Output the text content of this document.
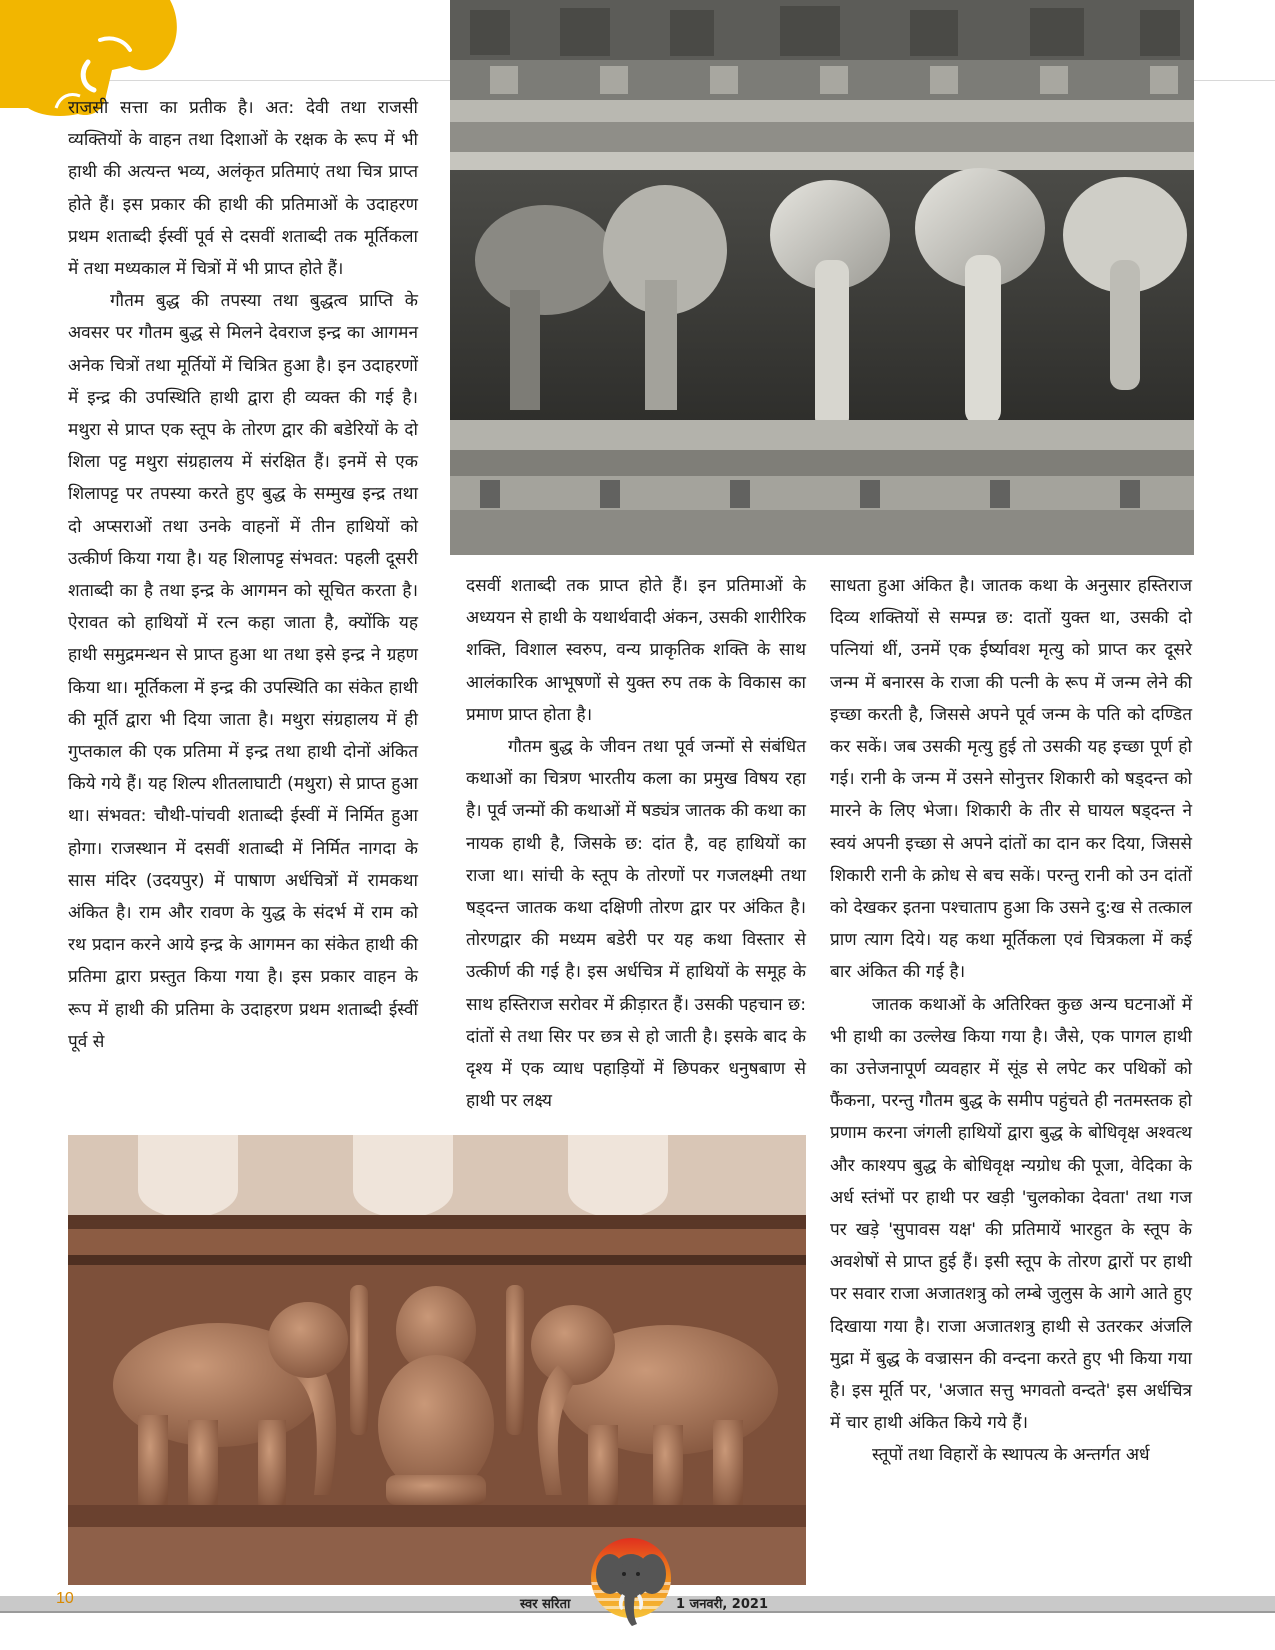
राजसी सत्ता का प्रतीक है। अत: देवी तथा राजसी व्यक्तियों के वाहन तथा दिशाओं के रक्षक के रूप में भी हाथी की अत्यन्त भव्य, अलंकृत प्रतिमाएं तथा चित्र प्राप्त होते हैं। इस प्रकार की हाथी की प्रतिमाओं के उदाहरण प्रथम शताब्दी ईस्वीं पूर्व से दसवीं शताब्दी तक मूर्तिकला में तथा मध्यकाल में चित्रों में भी प्राप्त होते हैं।

गौतम बुद्ध की तपस्या तथा बुद्धत्व प्राप्ति के अवसर पर गौतम बुद्ध से मिलने देवराज इन्द्र का आगमन अनेक चित्रों तथा मूर्तियों में चित्रित हुआ है। इन उदाहरणों में इन्द्र की उपस्थिति हाथी द्वारा ही व्यक्त की गई है। मथुरा से प्राप्त एक स्तूप के तोरण द्वार की बडेरियों के दो शिला पट्ट मथुरा संग्रहालय में संरक्षित हैं। इनमें से एक शिलापट्ट पर तपस्या करते हुए बुद्ध के सम्मुख इन्द्र तथा दो अप्सराओं तथा उनके वाहनों में तीन हाथियों को उत्कीर्ण किया गया है। यह शिलापट्ट संभवत: पहली दूसरी शताब्दी का है तथा इन्द्र के आगमन को सूचित करता है। ऐरावत को हाथियों में रत्न कहा जाता है, क्योंकि यह हाथी समुद्रमन्थन से प्राप्त हुआ था तथा इसे इन्द्र ने ग्रहण किया था। मूर्तिकला में इन्द्र की उपस्थिति का संकेत हाथी की मूर्ति द्वारा भी दिया जाता है। मथुरा संग्रहालय में ही गुप्तकाल की एक प्रतिमा में इन्द्र तथा हाथी दोनों अंकित किये गये हैं। यह शिल्प शीतलाघाटी (मथुरा) से प्राप्त हुआ था। संभवत: चौथी-पांचवी शताब्दी ईस्वीं में निर्मित हुआ होगा। राजस्थान में दसवीं शताब्दी में निर्मित नागदा के सास मंदिर (उदयपुर) में पाषाण अर्धचित्रों में रामकथा अंकित है। राम और रावण के युद्ध के संदर्भ में राम को रथ प्रदान करने आये इन्द्र के आगमन का संकेत हाथी की प्रतिमा द्वारा प्रस्तुत किया गया है। इस प्रकार वाहन के रूप में हाथी की प्रतिमा के उदाहरण प्रथम शताब्दी ईस्वीं पूर्व से

दसवीं शताब्दी तक प्राप्त होते हैं। इन प्रतिमाओं के अध्ययन से हाथी के यथार्थवादी अंकन, उसकी शारीरिक शक्ति, विशाल स्वरुप, वन्य प्राकृतिक शक्ति के साथ आलंकारिक आभूषणों से युक्त रुप तक के विकास का प्रमाण प्राप्त होता है।

गौतम बुद्ध के जीवन तथा पूर्व जन्मों से संबंधित कथाओं का चित्रण भारतीय कला का प्रमुख विषय रहा है। पूर्व जन्मों की कथाओं में षड्यंत्र जातक की कथा का नायक हाथी है, जिसके छ: दांत है, वह हाथियों का राजा था। सांची के स्तूप के तोरणों पर गजलक्ष्मी तथा षड्दन्त जातक कथा दक्षिणी तोरण द्वार पर अंकित है। तोरणद्वार की मध्यम बडेरी पर यह कथा विस्तार से उत्कीर्ण की गई है। इस अर्धचित्र में हाथियों के समूह के साथ हस्तिराज सरोवर में क्रीड़ारत हैं। उसकी पहचान छ: दांतों से तथा सिर पर छत्र से हो जाती है। इसके बाद के दृश्य में एक व्याध पहाड़ियों में छिपकर धनुषबाण से हाथी पर लक्ष्य

साधता हुआ अंकित है। जातक कथा के अनुसार हस्तिराज दिव्य शक्तियों से सम्पन्न छ: दातों युक्त था, उसकी दो पत्नियां थीं, उनमें एक ईर्ष्यावश मृत्यु को प्राप्त कर दूसरे जन्म में बनारस के राजा की पत्नी के रूप में जन्म लेने की इच्छा करती है, जिससे अपने पूर्व जन्म के पति को दण्डित कर सकें। जब उसकी मृत्यु हुई तो उसकी यह इच्छा पूर्ण हो गई। रानी के जन्म में उसने सोनुत्तर शिकारी को षड्दन्त को मारने के लिए भेजा। शिकारी के तीर से घायल षड्दन्त ने स्वयं अपनी इच्छा से अपने दांतों का दान कर दिया, जिससे शिकारी रानी के क्रोध से बच सकें। परन्तु रानी को उन दांतों को देखकर इतना पश्चाताप हुआ कि उसने दु:ख से तत्काल प्राण त्याग दिये। यह कथा मूर्तिकला एवं चित्रकला में कई बार अंकित की गई है।

जातक कथाओं के अतिरिक्त कुछ अन्य घटनाओं में भी हाथी का उल्लेख किया गया है। जैसे, एक पागल हाथी का उत्तेजनापूर्ण व्यवहार में सूंड से लपेट कर पथिकों को फैंकना, परन्तु गौतम बुद्ध के समीप पहुंचते ही नतमस्तक हो प्रणाम करना जंगली हाथियों द्वारा बुद्ध के बोधिवृक्ष अश्वत्थ और काश्यप बुद्ध के बोधिवृक्ष न्यग्रोध की पूजा, वेदिका के अर्ध स्तंभों पर हाथी पर खड़ी 'चुलकोका देवता' तथा गज पर खड़े 'सुपावस यक्ष' की प्रतिमायें भारहुत के स्तूप के अवशेषों से प्राप्त हुई हैं। इसी स्तूप के तोरण द्वारों पर हाथी पर सवार राजा अजातशत्रु को लम्बे जुलुस के आगे आते हुए दिखाया गया है। राजा अजातशत्रु हाथी से उतरकर अंजलि मुद्रा में बुद्ध के वज्रासन की वन्दना करते हुए भी किया गया है। इस मूर्ति पर, 'अजात सत्तु भगवतो वन्दते' इस अर्धचित्र में चार हाथी अंकित किये गये हैं।

स्तूपों तथा विहारों के स्थापत्य के अन्तर्गत अर्ध

10	स्वर सरिता	1 जनवरी, 2021
